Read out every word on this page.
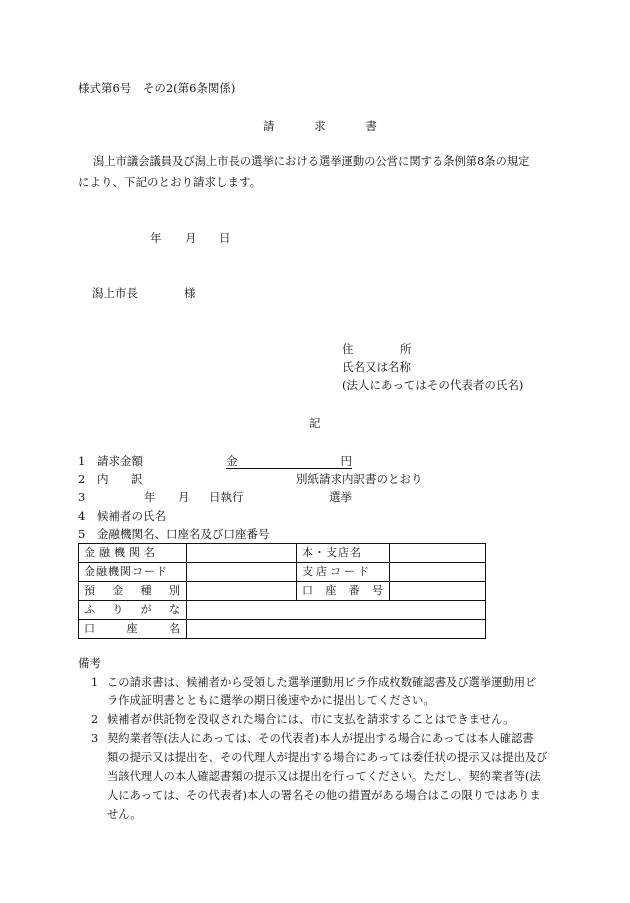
様式第6号　その2(第6条関係)
請	求	書
潟上市議会議員及び潟上市長の選挙における選挙運動の公営に関する条例第8条の規定
により、下記のとおり請求します。
年 月 日
潟上市長	様
住	所
氏名又は名称
(法人にあってはその代表者の氏名)
記
1 請求金額	金	円
2 内 訳	別紙請求内訳書のとおり
3	年 月 日執行	選挙
4 候補者の氏名
5 金融機関名、口座名及び口座番号
金融機関名		本・支店名	

金融機関コード		支店コード	

預 金 種 別		口 座 番 号	

ふ り が な			

口 座 名			

備考
1 この請求書は、候補者から受領した選挙運動用ビラ作成枚数確認書及び選挙運動用ビ
ラ作成証明書とともに選挙の期日後速やかに提出してください。
2 候補者が供託物を没収された場合には、市に支払を請求することはできません。
3 契約業者等(法人にあっては、その代表者)本人が提出する場合にあっては本人確認書
類の提示又は提出を、その代理人が提出する場合にあっては委任状の提示又は提出及び
当該代理人の本人確認書類の提示又は提出を行ってください。ただし、契約業者等(法
人にあっては、その代表者)本人の署名その他の措置がある場合はこの限りではありま
せん。
